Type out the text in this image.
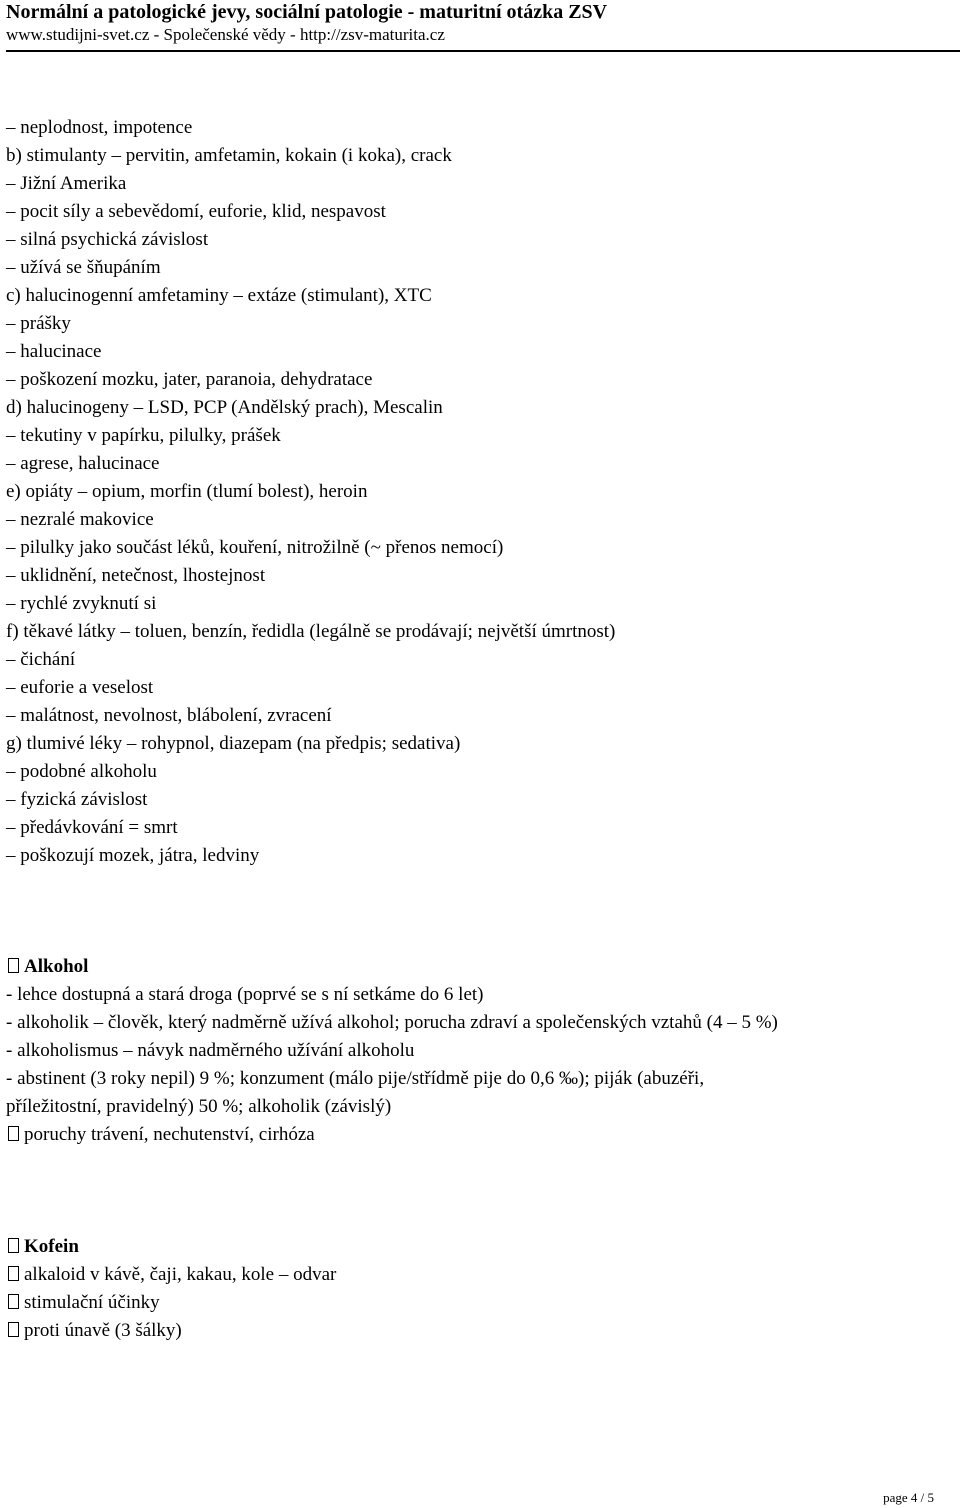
Normální a patologické jevy, sociální patologie - maturitní otázka ZSV
www.studijni-svet.cz - Společenské vědy - http://zsv-maturita.cz
– neplodnost, impotence
b) stimulanty – pervitin, amfetamin, kokain (i koka), crack
– Jižní Amerika
– pocit síly a sebevědomí, euforie, klid, nespavost
– silná psychická závislost
– užívá se šňupáním
c) halucinogenní amfetaminy – extáze (stimulant), XTC
– prášky
– halucinace
– poškození mozku, jater, paranoia, dehydratace
d) halucinogeny – LSD, PCP (Andělský prach), Mescalin
– tekutiny v papírku, pilulky, prášek
– agrese, halucinace
e) opiáty – opium, morfin (tlumí bolest), heroin
– nezralé makovice
– pilulky jako součást léků, kouření, nitrožilně (~ přenos nemocí)
– uklidnění, netečnost, lhostejnost
– rychlé zvyknutí si
f) těkavé látky – toluen, benzín, ředidla (legálně se prodávají; největší úmrtnost)
– čichání
– euforie a veselost
– malátnost, nevolnost, blábolení, zvracení
g) tlumivé léky – rohypnol, diazepam (na předpis; sedativa)
– podobné alkoholu
– fyzická závislost
– předávkování = smrt
– poškozují mozek, játra, ledviny
Alkohol
- lehce dostupná a stará droga (poprvé se s ní setkáme do 6 let)
- alkoholik – člověk, který nadměrně užívá alkohol; porucha zdraví a společenských vztahů (4 – 5 %)
- alkoholismus – návyk nadměrného užívání alkoholu
- abstinent (3 roky nepil) 9 %; konzument (málo pije/střídmě pije do 0,6 ‰); piják (abuzéři,
příležitostní, pravidelný) 50 %; alkoholik (závislý)
poruchy trávení, nechutenství, cirhóza
Kofein
alkaloid v kávě, čaji, kakau, kole – odvar
stimulační účinky
proti únavě (3 šálky)
page 4 / 5
